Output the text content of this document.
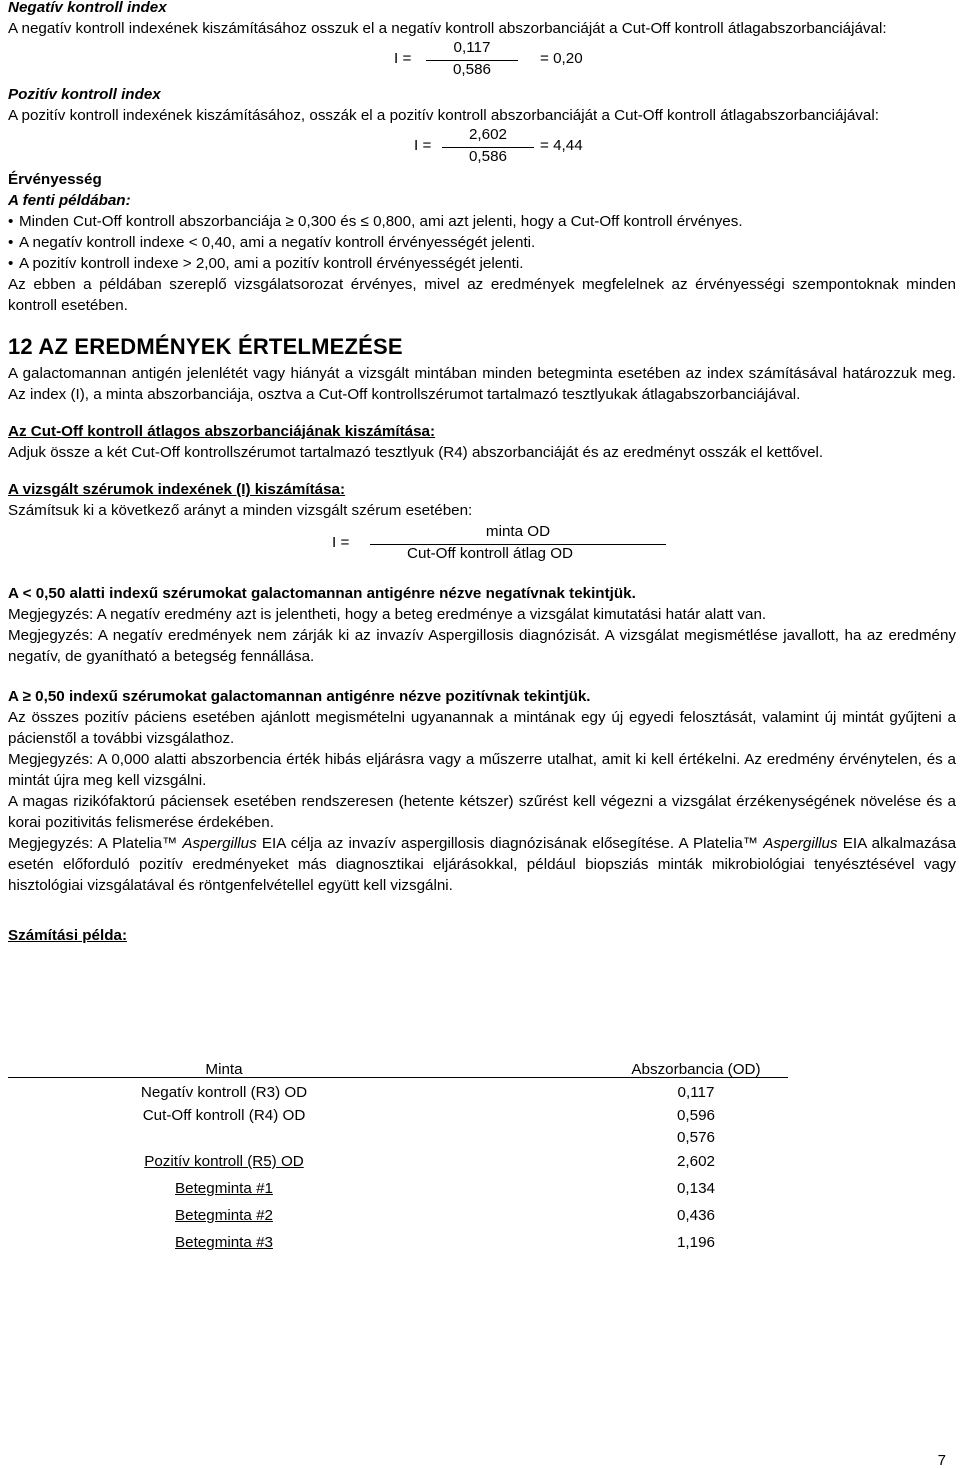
Negatív kontroll index

A negatív kontroll indexének kiszámításához osszuk el a negatív kontroll abszorbanciáját a Cut-Off kontroll átlagabszorbanciájával:

I =
0,117
0,586
= 0,20

Pozitív kontroll index

A pozitív kontroll indexének kiszámításához, osszák el a pozitív kontroll abszorbanciáját a Cut-Off kontroll átlagabszorbanciájával:

I =
2,602
0,586
= 4,44

Érvényesség

A fenti példában:

• Minden Cut-Off kontroll abszorbanciája ≥ 0,300 és ≤ 0,800, ami azt jelenti, hogy a Cut-Off kontroll érvényes.
• A negatív kontroll indexe < 0,40, ami a negatív kontroll érvényességét jelenti.
• A pozitív kontroll indexe > 2,00, ami a pozitív kontroll érvényességét jelenti.

Az ebben a példában szereplő vizsgálatsorozat érvényes, mivel az eredmények megfelelnek az érvényességi szempontoknak minden kontroll esetében.

12 AZ EREDMÉNYEK ÉRTELMEZÉSE

A galactomannan antigén jelenlétét vagy hiányát a vizsgált mintában minden betegminta esetében az index számításával határozzuk meg. Az index (I), a minta abszorbanciája, osztva a Cut-Off kontrollszérumot tartalmazó tesztlyukak átlagabszorbanciájával.

Az Cut-Off kontroll átlagos abszorbanciájának kiszámítása:

Adjuk össze a két Cut-Off kontrollszérumot tartalmazó tesztlyuk (R4) abszorbanciáját és az eredményt osszák el kettővel.

A vizsgált szérumok indexének (I) kiszámítása:

Számítsuk ki a következő arányt a minden vizsgált szérum esetében:

I =
minta OD
Cut-Off kontroll átlag OD

A < 0,50 alatti indexű szérumokat galactomannan antigénre nézve negatívnak tekintjük.

Megjegyzés: A negatív eredmény azt is jelentheti, hogy a beteg eredménye a vizsgálat kimutatási határ alatt van.

Megjegyzés: A negatív eredmények nem zárják ki az invazív Aspergillosis diagnózisát. A vizsgálat megismétlése javallott, ha az eredmény negatív, de gyanítható a betegség fennállása.

A ≥ 0,50 indexű szérumokat galactomannan antigénre nézve pozitívnak tekintjük.

Az összes pozitív páciens esetében ajánlott megismételni ugyanannak a mintának egy új egyedi felosztását, valamint új mintát gyűjteni a pácienstől a további vizsgálathoz.

Megjegyzés: A 0,000 alatti abszorbencia érték hibás eljárásra vagy a műszerre utalhat, amit ki kell értékelni. Az eredmény érvénytelen, és a mintát újra meg kell vizsgálni.

A magas rizikófaktorú páciensek esetében rendszeresen (hetente kétszer) szűrést kell végezni a vizsgálat érzékenységének növelése és a korai pozitivitás felismerése érdekében.

Megjegyzés: A Platelia™ Aspergillus EIA célja az invazív aspergillosis diagnózisának elősegítése. A Platelia™ Aspergillus EIA alkalmazása esetén előforduló pozitív eredményeket más diagnosztikai eljárásokkal, például biopsziás minták mikrobiológiai tenyésztésével vagy hisztológiai vizsgálatával és röntgenfelvétellel együtt kell vizsgálni.

Számítási példa:

Minta	Abszorbancia (OD)
Negatív kontroll (R3) OD	0,117
Cut-Off kontroll (R4) OD	0,596
	0,576
Pozitív kontroll (R5) OD	2,602
Betegminta #1	0,134
Betegminta #2	0,436
Betegminta #3	1,196
7
